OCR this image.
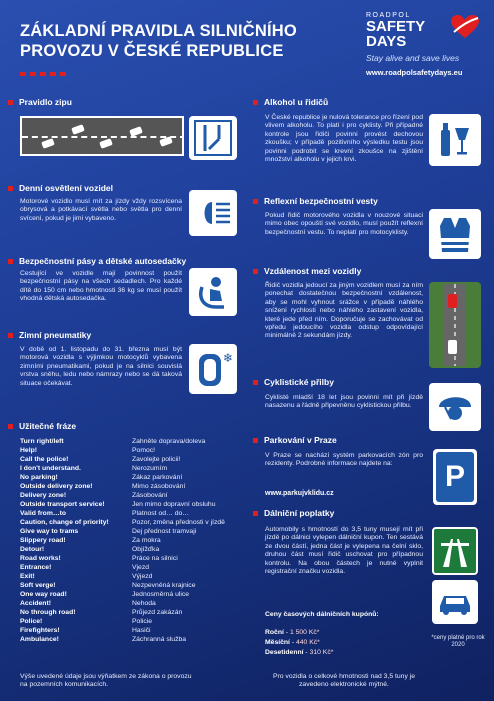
ZÁKLADNÍ PRAVIDLA SILNIČNÍHO
PROVOZU V ČESKÉ REPUBLICE
ROADPOL
SAFETY
DAYS
Stay alive and save lives
www.roadpolsafetydays.eu
Pravidlo zipu
Denní osvětlení vozidel
Motorové vozidlo musí mít za jízdy vždy rozsvícena obrysová a potkávací světla nebo světla pro denní svícení, pokud je jimi vybaveno.
Bezpečnostní pásy a dětské autosedačky
Cestující ve vozidle mají povinnost použít bezpečnostní pásy na všech sedadlech. Pro každé dítě do 150 cm nebo hmotnosti 36 kg se musí použít vhodná dětská autosedačka.
Zimní pneumatiky
V době od 1. listopadu do 31. března musí být motorová vozidla s výjimkou motocyklů vybavena zimními pneumatikami, pokud je na silnici souvislá vrstva sněhu, ledu nebo námrazy nebo se dá taková situace očekávat.
❄
Užitečné fráze
Turn right/left	Zahněte doprava/doleva
Help!	Pomoc!
Call the police!	Zavolejte policii!
I don't understand.	Nerozumím
No parking!	Zákaz parkování
Outside delivery zone!	Mimo zásobování
Delivery zone!	Zásobování
Outside transport service!	Jen mimo dopravní obsluhu
Valid from…to	Platnost od… do…
Caution, change of priority!	Pozor, změna přednosti v jízdě
Give way to trams	Dej přednost tramvaji
Slippery road!	Za mokra
Detour!	Objížďka
Road works!	Práce na silnici
Entrance!	Vjezd
Exit!	Výjezd
Soft verge!	Nezpevněná krajnice
One way road!	Jednosměrná ulice
Accident!	Nehoda
No through road!	Průjezd zakázán
Police!	Policie
Firefighters!	Hasiči
Ambulance!	Záchranná služba
Výše uvedené údaje jsou výňatkem ze zákona o provozu na pozemních komunikacích.
Alkohol u řidičů
V České republice je nulová tolerance pro řízení pod vlivem alkoholu. To platí i pro cyklisty. Při případné kontrole jsou řidiči povinni provést dechovou zkoušku; v případě pozitivního výsledku testu jsou povinni podrobit se krevní zkoušce na zjištění množství alkoholu v jejich krvi.
Reflexní bezpečnostní vesty
Pokud řidič motorového vozidla v nouzové situaci mimo obec opouští své vozidlo, musí použít reflexní bezpečnostní vestu. To neplatí pro motocyklisty.
Vzdálenost mezi vozidly
Řidič vozidla jedoucí za jiným vozidlem musí za ním ponechat dostatečnou bezpečnostní vzdálenost, aby se mohl vyhnout srážce v případě náhlého snížení rychlosti nebo náhlého zastavení vozidla, které jede před ním. Doporučuje se zachovávat od vpředu jedoucího vozidla odstup odpovídající minimálně 2 sekundám jízdy.
Cyklistické přilby
Cyklisté mladší 18 let jsou povinni mít při jízdě nasazenu a řádně připevněnu cyklistickou přilbu.
Parkování v Praze
V Praze se nachází systém parkovacích zón pro rezidenty. Podrobné informace najdete na:
www.parkujvklidu.cz
P
Dálniční poplatky
Automobily s hmotností do 3,5 tuny musejí mít při jízdě po dálnici vylepen dálniční kupon. Ten sestává ze dvou částí, jedna část je vylepena na čelní sklo, druhou část musí řidič uschovat pro případnou kontrolu. Na obou částech je nutné vyplnit registrační značku vozidla.
Ceny časových dálničních kupónů:
Roční - 1 500 Kč*
Měsíční - 440 Kč*
Desetidenní - 310 Kč*
*ceny platné pro rok 2020
Pro vozidla o celkové hmotnosti nad 3,5 tuny je zavedeno elektronické mýtné.
